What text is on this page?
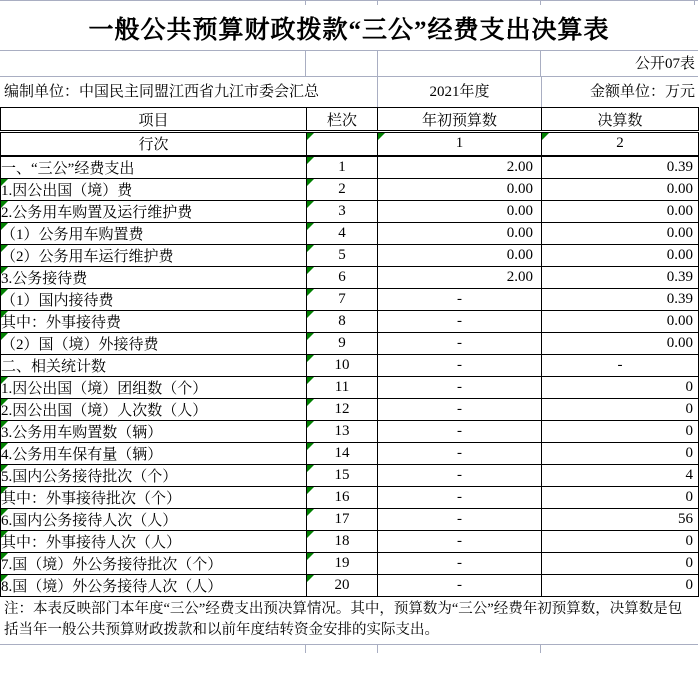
一般公共预算财政拨款“三公”经费支出决算表
公开07表
编制单位：中国民主同盟江西省九江市委会汇总	2021年度	金额单位：万元
项目	栏次	年初预算数	决算数
行次		1	2
一、“三公”经费支出	1	2.00	0.39
1.因公出国（境）费	2	0.00	0.00
2.公务用车购置及运行维护费	3	0.00	0.00
（1）公务用车购置费	4	0.00	0.00
（2）公务用车运行维护费	5	0.00	0.00
3.公务接待费	6	2.00	0.39
（1）国内接待费	7	-	0.39
其中：外事接待费	8	-	0.00
（2）国（境）外接待费	9	-	0.00
二、相关统计数	10	-	-
1.因公出国（境）团组数（个）	11	-	0
2.因公出国（境）人次数（人）	12	-	0
3.公务用车购置数（辆）	13	-	0
4.公务用车保有量（辆）	14	-	0
5.国内公务接待批次（个）	15	-	4
其中：外事接待批次（个）	16	-	0
6.国内公务接待人次（人）	17	-	56
其中：外事接待人次（人）	18	-	0
7.国（境）外公务接待批次（个）	19	-	0
8.国（境）外公务接待人次（人）	20	-	0
注：本表反映部门本年度“三公”经费支出预决算情况。其中，预算数为“三公”经费年初预算数，决算数是包括当年一般公共预算财政拨款和以前年度结转资金安排的实际支出。
